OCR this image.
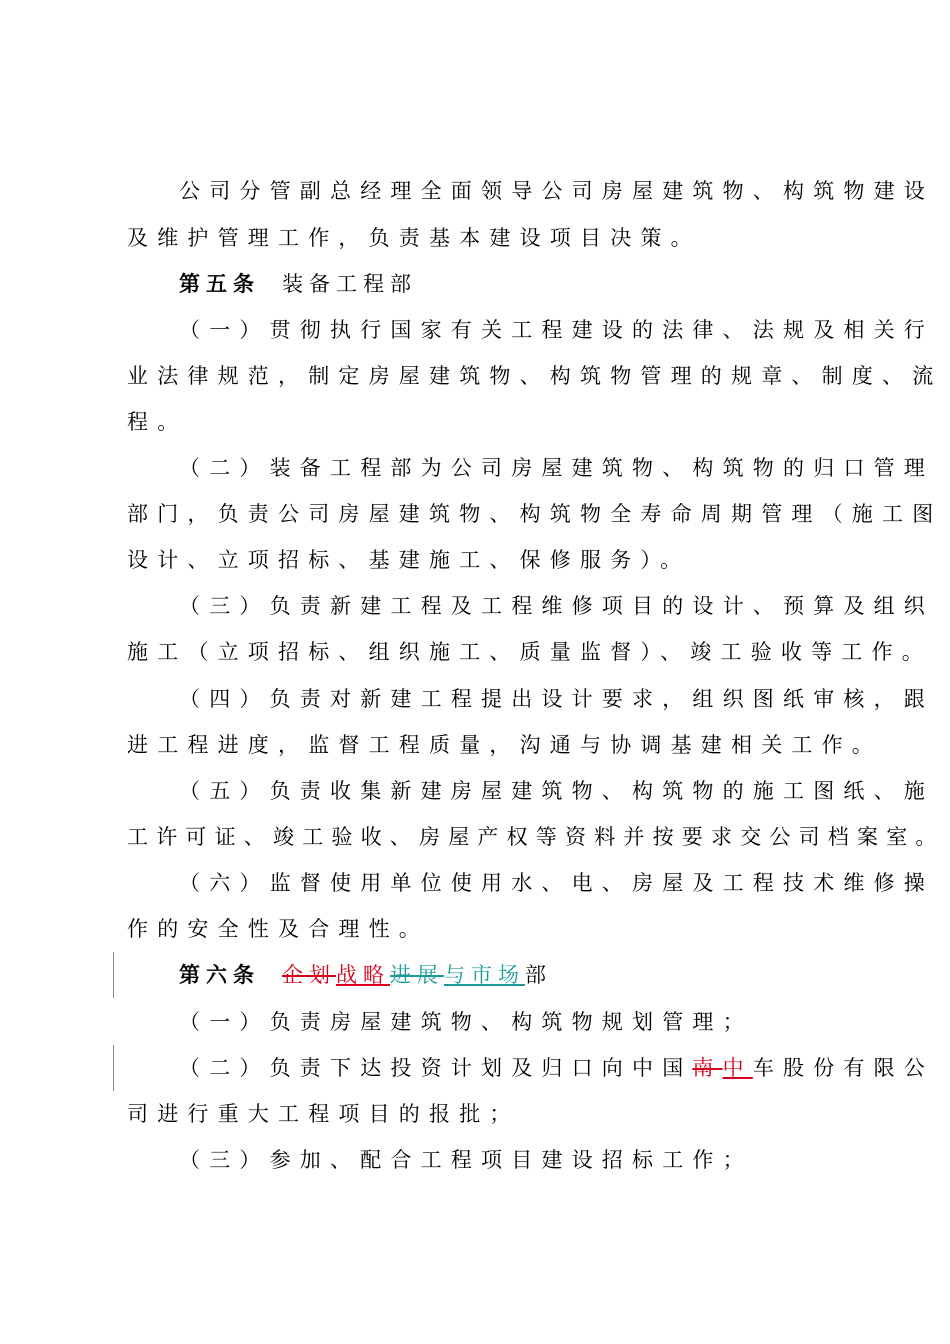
公司分管副总经理全面领导公司房屋建筑物、构筑物建设
及维护管理工作，负责基本建设项目决策。
第五条 装备工程部
（一）贯彻执行国家有关工程建设的法律、法规及相关行
业法律规范，制定房屋建筑物、构筑物管理的规章、制度、流
程。
（二）装备工程部为公司房屋建筑物、构筑物的归口管理
部门，负责公司房屋建筑物、构筑物全寿命周期管理（施工图
设计、立项招标、基建施工、保修服务）。
（三）负责新建工程及工程维修项目的设计、预算及组织
施工（立项招标、组织施工、质量监督）、竣工验收等工作。
（四）负责对新建工程提出设计要求，组织图纸审核，跟
进工程进度，监督工程质量，沟通与协调基建相关工作。
（五）负责收集新建房屋建筑物、构筑物的施工图纸、施
工许可证、竣工验收、房屋产权等资料并按要求交公司档案室。
（六）监督使用单位使用水、电、房屋及工程技术维修操
作的安全性及合理性。
第六条 企划战略进展与市场部
（一）负责房屋建筑物、构筑物规划管理；
（二）负责下达投资计划及归口向中国南中车股份有限公
司进行重大工程项目的报批；
（三）参加、配合工程项目建设招标工作；
